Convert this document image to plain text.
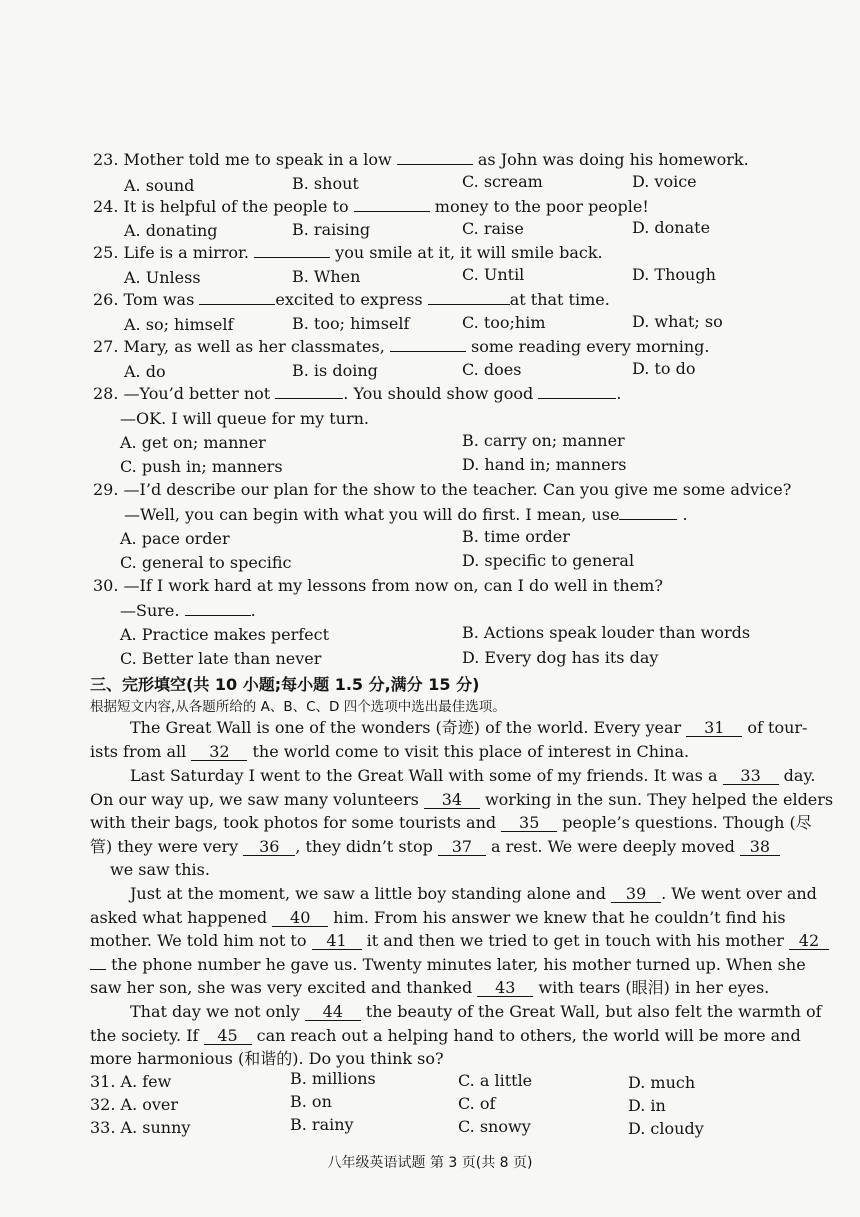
23. Mother told me to speak in a low	as John was doing his homework.
A. sound	B. shout	C. scream	D. voice
24. It is helpful of the people to	money to the poor people!
A. donating	B. raising	C. raise	D. donate
25. Life is a mirror.	you smile at it, it will smile back.
A. Unless	B. When	C. Until	D. Though
26. Tom was	excited to express	at that time.
A. so; himself	B. too; himself	C. too;him	D. what; so
27. Mary, as well as her classmates,	some reading every morning.
A. do	B. is doing	C. does	D. to do
28. —You’d better not	. You should show good	.
—OK. I will queue for my turn.
A. get on; manner	B. carry on; manner
C. push in; manners	D. hand in; manners
29. —I’d describe our plan for the show to the teacher. Can you give me some advice?
—Well, you can begin with what you will do first. I mean, use	.
A. pace order	B. time order
C. general to specific	D. specific to general
30. —If I work hard at my lessons from now on, can I do well in them?
—Sure.	.
A. Practice makes perfect	B. Actions speak louder than words
C. Better late than never	D. Every dog has its day
三、完形填空(共 10 小题;每小题 1.5 分,满分 15 分)
根据短文内容,从各题所给的 A、B、C、D 四个选项中选出最佳选项。
The Great Wall is one of the wonders (奇迹) of the world. Every year 31 of tour-
ists from all 32 the world come to visit this place of interest in China.
Last Saturday I went to the Great Wall with some of my friends. It was a 33 day.
On our way up, we saw many volunteers 34 working in the sun. They helped the elders
with their bags, took photos for some tourists and 35 people’s questions. Though (尽
管) they were very 36 , they didn’t stop 37 a rest. We were deeply moved 38
we saw this.
Just at the moment, we saw a little boy standing alone and 39 . We went over and
asked what happened 40 him. From his answer we knew that he couldn’t find his
mother. We told him not to 41 it and then we tried to get in touch with his mother 42
the phone number he gave us. Twenty minutes later, his mother turned up. When she
saw her son, she was very excited and thanked 43 with tears (眼泪) in her eyes.
That day we not only 44 the beauty of the Great Wall, but also felt the warmth of
the society. If 45 can reach out a helping hand to others, the world will be more and
more harmonious (和谐的). Do you think so?
31. A. few	B. millions	C. a little	D. much
32. A. over	B. on	C. of	D. in
33. A. sunny	B. rainy	C. snowy	D. cloudy
八年级英语试题 第 3 页(共 8 页)
